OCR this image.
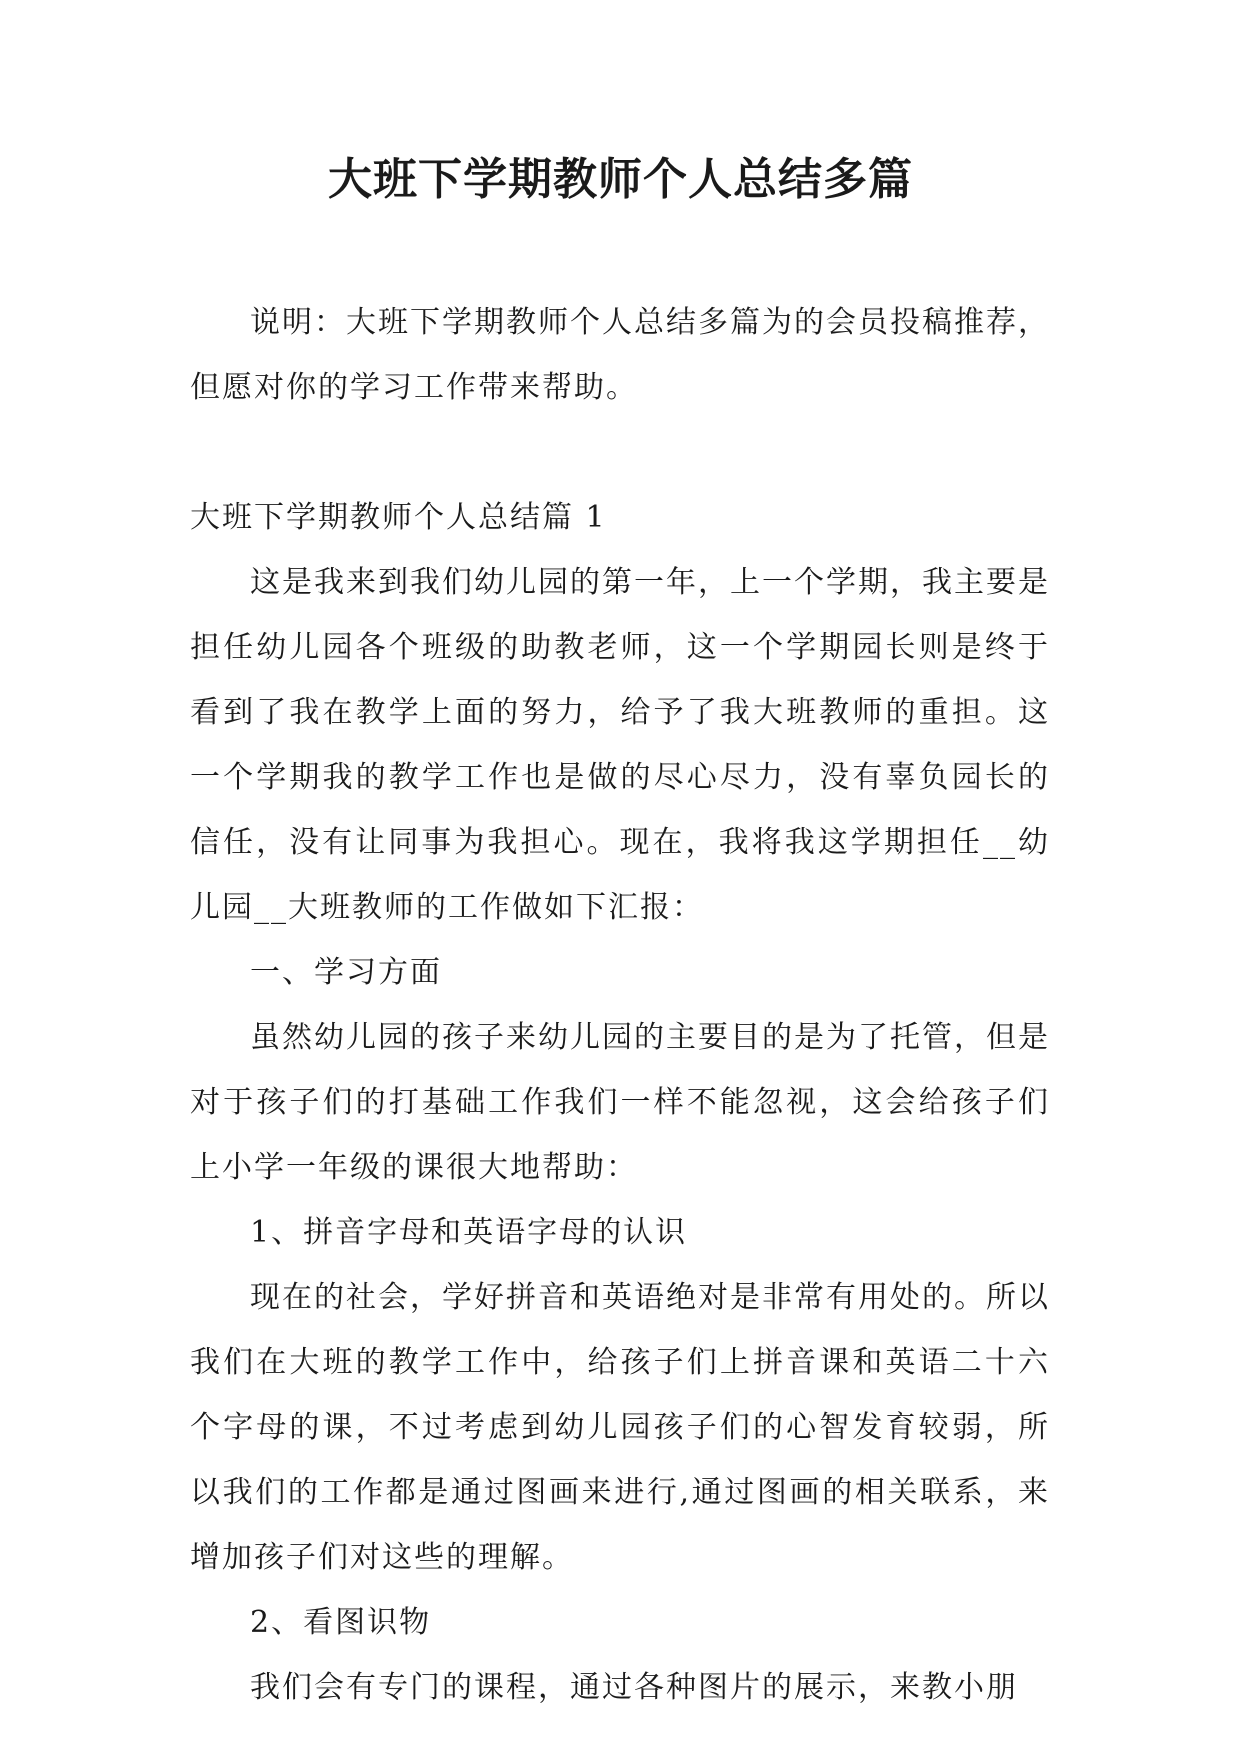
大班下学期教师个人总结多篇

说明：大班下学期教师个人总结多篇为的会员投稿推荐，但愿对你的学习工作带来帮助。

大班下学期教师个人总结篇 1

这是我来到我们幼儿园的第一年，上一个学期，我主要是担任幼儿园各个班级的助教老师，这一个学期园长则是终于看到了我在教学上面的努力，给予了我大班教师的重担。这一个学期我的教学工作也是做的尽心尽力，没有辜负园长的信任，没有让同事为我担心。现在，我将我这学期担任__幼儿园__大班教师的工作做如下汇报：

一、学习方面

虽然幼儿园的孩子来幼儿园的主要目的是为了托管，但是对于孩子们的打基础工作我们一样不能忽视，这会给孩子们上小学一年级的课很大地帮助：

1、拼音字母和英语字母的认识

现在的社会，学好拼音和英语绝对是非常有用处的。所以我们在大班的教学工作中，给孩子们上拼音课和英语二十六个字母的课，不过考虑到幼儿园孩子们的心智发育较弱，所以我们的工作都是通过图画来进行,通过图画的相关联系，来增加孩子们对这些的理解。

2、看图识物

我们会有专门的课程，通过各种图片的展示，来教小朋
